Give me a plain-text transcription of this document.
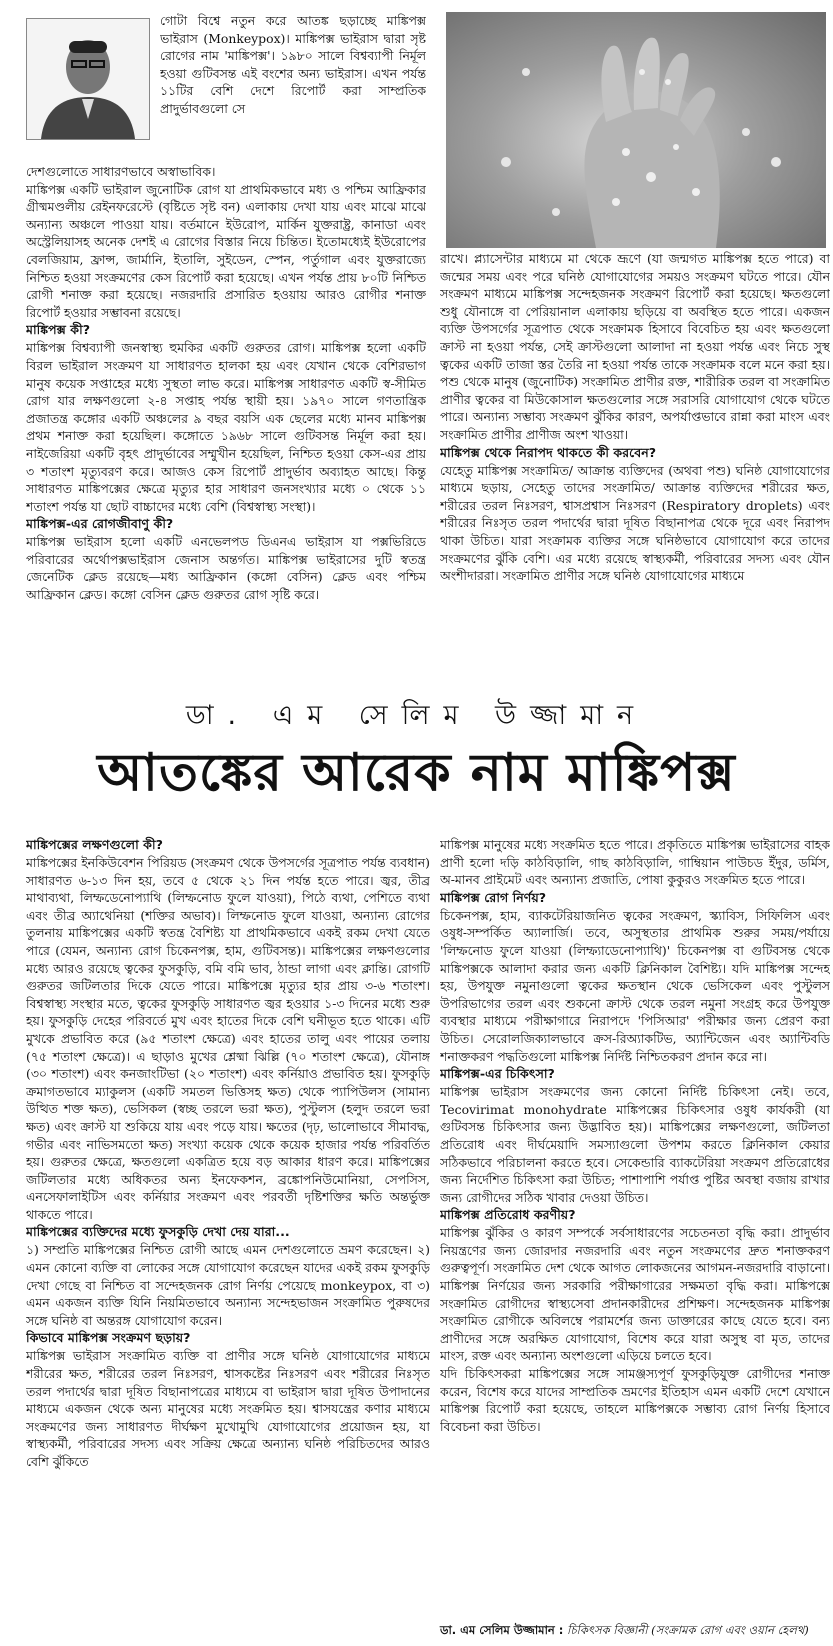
গোটা বিশ্বে নতুন করে আতঙ্ক ছড়াচ্ছে মাঙ্কিপক্স ভাইরাস (Monkeypox)। মাঙ্কিপক্স ভাইরাস দ্বারা সৃষ্ট রোগের নাম 'মাঙ্কিপক্স'। ১৯৮০ সালে বিশ্বব্যাপী নির্মূল হওয়া গুটিবসন্ত এই বংশের অন্য ভাইরাস। এখন পর্যন্ত ১১টির বেশি দেশে রিপোর্ট করা সাম্প্রতিক প্রাদুর্ভাবগুলো সে

দেশগুলোতে সাধারণভাবে অস্বাভাবিক।

মাঙ্কিপক্স একটি ভাইরাল জুনোটিক রোগ যা প্রাথমিকভাবে মধ্য ও পশ্চিম আফ্রিকার গ্রীষ্মমণ্ডলীয় রেইনফরেস্টে (বৃষ্টিতে সৃষ্ট বন) এলাকায় দেখা যায় এবং মাঝে মাঝে অন্যান্য অঞ্চলে পাওয়া যায়। বর্তমানে ইউরোপ, মার্কিন যুক্তরাষ্ট্র, কানাডা এবং অস্ট্রেলিয়াসহ অনেক দেশই এ রোগের বিস্তার নিয়ে চিন্তিত। ইতোমধ্যেই ইউরোপের বেলজিয়াম, ফ্রান্স, জার্মানি, ইতালি, সুইডেন, স্পেন, পর্তুগাল এবং যুক্তরাজ্যে নিশ্চিত হওয়া সংক্রমণের কেস রিপোর্ট করা হয়েছে। এখন পর্যন্ত প্রায় ৮০টি নিশ্চিত রোগী শনাক্ত করা হয়েছে। নজরদারি প্রসারিত হওয়ায় আরও রোগীর শনাক্ত রিপোর্ট হওয়ার সম্ভাবনা রয়েছে।

মাঙ্কিপক্স কী?

মাঙ্কিপক্স বিশ্বব্যাপী জনস্বাস্থ্য হুমকির একটি গুরুতর রোগ। মাঙ্কিপক্স হলো একটি বিরল ভাইরাল সংক্রমণ যা সাধারণত হালকা হয় এবং যেখান থেকে বেশিরভাগ মানুষ কয়েক সপ্তাহের মধ্যে সুস্থতা লাভ করে। মাঙ্কিপক্স সাধারণত একটি স্ব-সীমিত রোগ যার লক্ষণগুলো ২-৪ সপ্তাহ পর্যন্ত স্থায়ী হয়। ১৯৭০ সালে গণতান্ত্রিক প্রজাতন্ত্র কঙ্গোর একটি অঞ্চলের ৯ বছর বয়সি এক ছেলের মধ্যে মানব মাঙ্কিপক্স প্রথম শনাক্ত করা হয়েছিল। কঙ্গোতে ১৯৬৮ সালে গুটিবসন্ত নির্মূল করা হয়। নাইজেরিয়া একটি বৃহৎ প্রাদুর্ভাবের সম্মুখীন হয়েছিল, নিশ্চিত হওয়া কেস-এর প্রায় ৩ শতাংশ মৃত্যুবরণ করে। আজও কেস রিপোর্ট প্রাদুর্ভাব অব্যাহত আছে। কিন্তু সাধারণত মাঙ্কিপক্সের ক্ষেত্রে মৃত্যুর হার সাধারণ জনসংখ্যার মধ্যে ০ থেকে ১১ শতাংশ পর্যন্ত যা ছোট বাচ্চাদের মধ্যে বেশি (বিশ্বস্বাস্থ্য সংস্থা)।

মাঙ্কিপক্স-এর রোগজীবাণু কী?

মাঙ্কিপক্স ভাইরাস হলো একটি এনভেলপড ডিএনএ ভাইরাস যা পক্সভিরিডে পরিবারের অর্থোপক্সভাইরাস জেনাস অন্তর্গত। মাঙ্কিপক্স ভাইরাসের দুটি স্বতন্ত্র জেনেটিক ক্লেড রয়েছে—মধ্য আফ্রিকান (কঙ্গো বেসিন) ক্লেড এবং পশ্চিম আফ্রিকান ক্লেড। কঙ্গো বেসিন ক্লেড গুরুতর রোগ সৃষ্টি করে।

রাখে। প্ল্যাসেন্টার মাধ্যমে মা থেকে ভ্রূণে (যা জন্মগত মাঙ্কিপক্স হতে পারে) বা জন্মের সময় এবং পরে ঘনিষ্ঠ যোগাযোগের সময়ও সংক্রমণ ঘটতে পারে। যৌন সংক্রমণ মাধ্যমে মাঙ্কিপক্স সন্দেহজনক সংক্রমণ রিপোর্ট করা হয়েছে। ক্ষতগুলো শুধু যৌনাঙ্গে বা পেরিয়ানাল এলাকায় ছড়িয়ে বা অবস্থিত হতে পারে। একজন ব্যক্তি উপসর্গের সূত্রপাত থেকে সংক্রামক হিসাবে বিবেচিত হয় এবং ক্ষতগুলো ক্রাস্ট না হওয়া পর্যন্ত, সেই ক্রাস্টগুলো আলাদা না হওয়া পর্যন্ত এবং নিচে সুস্থ ত্বকের একটি তাজা স্তর তৈরি না হওয়া পর্যন্ত তাকে সংক্রামক বলে মনে করা হয়। পশু থেকে মানুষ (জুনোটিক) সংক্রামিত প্রাণীর রক্ত, শারীরিক তরল বা সংক্রামিত প্রাণীর ত্বকের বা মিউকোসাল ক্ষতগুলোর সঙ্গে সরাসরি যোগাযোগ থেকে ঘটতে পারে। অন্যান্য সম্ভাব্য সংক্রমণ ঝুঁকির কারণ, অপর্যাপ্তভাবে রান্না করা মাংস এবং সংক্রামিত প্রাণীর প্রাণীজ অংশ খাওয়া।

মাঙ্কিপক্স থেকে নিরাপদ থাকতে কী করবেন?

যেহেতু মাঙ্কিপক্স সংক্রামিত/ আক্রান্ত ব্যক্তিদের (অথবা পশু) ঘনিষ্ঠ যোগাযোগের মাধ্যমে ছড়ায়, সেহেতু তাদের সংক্রামিত/ আক্রান্ত ব্যক্তিদের শরীরের ক্ষত, শরীরের তরল নিঃসরণ, শ্বাসপ্রশ্বাস নিঃসরণ (Respiratory droplets) এবং শরীরের নিঃসৃত তরল পদার্থের দ্বারা দূষিত বিছানাপত্র থেকে দূরে এবং নিরাপদ থাকা উচিত। যারা সংক্রামক ব্যক্তির সঙ্গে ঘনিষ্ঠভাবে যোগাযোগ করে তাদের সংক্রমণের ঝুঁকি বেশি। এর মধ্যে রয়েছে স্বাস্থ্যকর্মী, পরিবারের সদস্য এবং যৌন অংশীদাররা। সংক্রামিত প্রাণীর সঙ্গে ঘনিষ্ঠ যোগাযোগের মাধ্যমে

ডা. এম সেলিম উজ্জামান
আতঙ্কের আরেক নাম মাঙ্কিপক্স
মাঙ্কিপক্সের লক্ষণগুলো কী?

মাঙ্কিপক্সের ইনকিউবেশন পিরিয়ড (সংক্রমণ থেকে উপসর্গের সূত্রপাত পর্যন্ত ব্যবধান) সাধারণত ৬-১৩ দিন হয়, তবে ৫ থেকে ২১ দিন পর্যন্ত হতে পারে। জ্বর, তীব্র মাথাব্যথা, লিম্ফডেনোপ্যাথি (লিম্ফনোড ফুলে যাওয়া), পিঠে ব্যথা, পেশিতে ব্যথা এবং তীব্র অ্যাথেনিয়া (শক্তির অভাব)। লিম্ফনোড ফুলে যাওয়া, অন্যান্য রোগের তুলনায় মাঙ্কিপক্সের একটি স্বতন্ত্র বৈশিষ্ট্য যা প্রাথমিকভাবে একই রকম দেখা যেতে পারে (যেমন, অন্যান্য রোগ চিকেনপক্স, হাম, গুটিবসন্ত)। মাঙ্কিপক্সের লক্ষণগুলোর মধ্যে আরও রয়েছে ত্বকের ফুসকুড়ি, বমি বমি ভাব, ঠান্ডা লাগা এবং ক্লান্তি। রোগটি গুরুতর জটিলতার দিকে যেতে পারে। মাঙ্কিপক্সে মৃত্যুর হার প্রায় ৩-৬ শতাংশ। বিশ্বস্বাস্থ্য সংস্থার মতে, ত্বকের ফুসকুড়ি সাধারণত জ্বর হওয়ার ১-৩ দিনের মধ্যে শুরু হয়। ফুসকুড়ি দেহের পরিবর্তে মুখ এবং হাতের দিকে বেশি ঘনীভূত হতে থাকে। এটি মুখকে প্রভাবিত করে (৯৫ শতাংশ ক্ষেত্রে) এবং হাতের তালু এবং পায়ের তলায় (৭৫ শতাংশ ক্ষেত্রে)। এ ছাড়াও মুখের শ্লেষ্মা ঝিল্লি (৭০ শতাংশ ক্ষেত্রে), যৌনাঙ্গ (৩০ শতাংশ) এবং কনজাংটিভা (২০ শতাংশ) এবং কর্নিয়াও প্রভাবিত হয়। ফুসকুড়ি ক্রমাগতভাবে ম্যাকুলস (একটি সমতল ভিত্তিসহ ক্ষত) থেকে প্যাপিউলস (সামান্য উত্থিত শক্ত ক্ষত), ভেসিকল (স্বচ্ছ তরলে ভরা ক্ষত), পুস্টুলস (হলুদ তরলে ভরা ক্ষত) এবং ক্রাস্ট যা শুকিয়ে যায় এবং পড়ে যায়। ক্ষতের (দৃঢ়, ভালোভাবে সীমাবদ্ধ, গভীর এবং নাভিসমতো ক্ষত) সংখ্যা কয়েক থেকে কয়েক হাজার পর্যন্ত পরিবর্তিত হয়। গুরুতর ক্ষেত্রে, ক্ষতগুলো একত্রিত হয়ে বড় আকার ধারণ করে। মাঙ্কিপক্সের জটিলতার মধ্যে অধিকতর অন্য ইনফেকশন, ব্রঙ্কোপনিউমোনিয়া, সেপসিস, এনসেফালাইটিস এবং কর্নিয়ার সংক্রমণ এবং পরবর্তী দৃষ্টিশক্তির ক্ষতি অন্তর্ভুক্ত থাকতে পারে।

মাঙ্কিপক্সের ব্যক্তিদের মধ্যে ফুসকুড়ি দেখা দেয় যারা...

১) সম্প্রতি মাঙ্কিপক্সের নিশ্চিত রোগী আছে এমন দেশগুলোতে ভ্রমণ করেছেন। ২) এমন কোনো ব্যক্তি বা লোকের সঙ্গে যোগাযোগ করেছেন যাদের একই রকম ফুসকুড়ি দেখা গেছে বা নিশ্চিত বা সন্দেহজনক রোগ নির্ণয় পেয়েছে monkeypox, বা ৩) এমন একজন ব্যক্তি যিনি নিয়মিতভাবে অন্যান্য সন্দেহভাজন সংক্রামিত পুরুষদের সঙ্গে ঘনিষ্ঠ বা অন্তরঙ্গ যোগাযোগ করেন।

কিভাবে মাঙ্কিপক্স সংক্রমণ ছড়ায়?

মাঙ্কিপক্স ভাইরাস সংক্রামিত ব্যক্তি বা প্রাণীর সঙ্গে ঘনিষ্ঠ যোগাযোগের মাধ্যমে শরীরের ক্ষত, শরীরের তরল নিঃসরণ, শ্বাসকষ্টের নিঃসরণ এবং শরীরের নিঃসৃত তরল পদার্থের দ্বারা দূষিত বিছানাপত্রের মাধ্যমে বা ভাইরাস দ্বারা দূষিত উপাদানের মাধ্যমে একজন থেকে অন্য মানুষের মধ্যে সংক্রমিত হয়। শ্বাসযন্ত্রের কণার মাধ্যমে সংক্রমণের জন্য সাধারণত দীর্ঘক্ষণ মুখোমুখি যোগাযোগের প্রয়োজন হয়, যা স্বাস্থ্যকর্মী, পরিবারের সদস্য এবং সক্রিয় ক্ষেত্রে অন্যান্য ঘনিষ্ঠ পরিচিতদের আরও বেশি ঝুঁকিতে

মাঙ্কিপক্স মানুষের মধ্যে সংক্রমিত হতে পারে। প্রকৃতিতে মাঙ্কিপক্স ভাইরাসের বাহক প্রাণী হলো দড়ি কাঠবিড়ালি, গাছ কাঠবিড়ালি, গাম্বিয়ান পাউচড ইঁদুর, ডর্মিস, অ-মানব প্রাইমেট এবং অন্যান্য প্রজাতি, পোষা কুকুরও সংক্রমিত হতে পারে।

মাঙ্কিপক্স রোগ নির্ণয়?

চিকেনপক্স, হাম, ব্যাকটেরিয়াজনিত ত্বকের সংক্রমণ, স্ক্যাবিস, সিফিলিস এবং ওষুধ-সম্পর্কিত অ্যালার্জি। তবে, অসুস্থতার প্রাথমিক শুরুর সময়/পর্যায়ে 'লিম্ফনোড ফুলে যাওয়া (লিম্ফ্যাডেনোপ্যাথি)' চিকেনপক্স বা গুটিবসন্ত থেকে মাঙ্কিপক্সকে আলাদা করার জন্য একটি ক্লিনিকাল বৈশিষ্ট্য। যদি মাঙ্কিপক্স সন্দেহ হয়, উপযুক্ত নমুনাগুলো ত্বকের ক্ষতস্থান থেকে ভেসিকেল এবং পুস্টুলস উপরিভাগের তরল এবং শুকনো ক্রাস্ট থেকে তরল নমুনা সংগ্রহ করে উপযুক্ত ব্যবস্থার মাধ্যমে পরীক্ষাগারে নিরাপদে 'পিসিআর' পরীক্ষার জন্য প্রেরণ করা উচিত। সেরোলজিক্যালভাবে ক্রস-রিঅ্যাকটিভ, অ্যান্টিজেন এবং অ্যান্টিবডি শনাক্তকরণ পদ্ধতিগুলো মাঙ্কিপক্স নির্দিষ্ট নিশ্চিতকরণ প্রদান করে না।

মাঙ্কিপক্স-এর চিকিৎসা?

মাঙ্কিপক্স ভাইরাস সংক্রমণের জন্য কোনো নির্দিষ্ট চিকিৎসা নেই। তবে, Tecovirimat monohydrate মাঙ্কিপক্সের চিকিৎসার ওষুধ কার্যকরী (যা গুটিবসন্ত চিকিৎসার জন্য উদ্ভাবিত হয়)। মাঙ্কিপক্সের লক্ষণগুলো, জটিলতা প্রতিরোধ এবং দীর্ঘমেয়াদি সমস্যাগুলো উপশম করতে ক্লিনিকাল কেয়ার সঠিকভাবে পরিচালনা করতে হবে। সেকেন্ডারি ব্যাকটেরিয়া সংক্রমণ প্রতিরোধের জন্য নির্দেশিত চিকিৎসা করা উচিত; পাশাপাশি পর্যাপ্ত পুষ্টির অবস্থা বজায় রাখার জন্য রোগীদের সঠিক খাবার দেওয়া উচিত।

মাঙ্কিপক্স প্রতিরোধ করণীয়?

মাঙ্কিপক্স ঝুঁকির ও কারণ সম্পর্কে সর্বসাধারণের সচেতনতা বৃদ্ধি করা। প্রাদুর্ভাব নিয়ন্ত্রণের জন্য জোরদার নজরদারি এবং নতুন সংক্রমণের দ্রুত শনাক্তকরণ গুরুত্বপূর্ণ। সংক্রামিত দেশ থেকে আগত লোকজনের আগমন-নজরদারি বাড়ানো। মাঙ্কিপক্স নির্ণয়ের জন্য সরকারি পরীক্ষাগারের সক্ষমতা বৃদ্ধি করা। মাঙ্কিপক্সে সংক্রামিত রোগীদের স্বাস্থ্যসেবা প্রদানকারীদের প্রশিক্ষণ। সন্দেহজনক মাঙ্কিপক্স সংক্রামিত রোগীকে অবিলম্বে পরামর্শের জন্য ডাক্তারের কাছে যেতে হবে। বন্য প্রাণীদের সঙ্গে অরক্ষিত যোগাযোগ, বিশেষ করে যারা অসুস্থ বা মৃত, তাদের মাংস, রক্ত এবং অন্যান্য অংশগুলো এড়িয়ে চলতে হবে।

যদি চিকিৎসকরা মাঙ্কিপক্সের সঙ্গে সামঞ্জস্যপূর্ণ ফুসকুড়িযুক্ত রোগীদের শনাক্ত করেন, বিশেষ করে যাদের সাম্প্রতিক ভ্রমণের ইতিহাস এমন একটি দেশে যেখানে মাঙ্কিপক্স রিপোর্ট করা হয়েছে, তাহলে মাঙ্কিপক্সকে সম্ভাব্য রোগ নির্ণয় হিসাবে বিবেচনা করা উচিত।

ডা. এম সেলিম উজ্জামান : চিকিৎসক বিজ্ঞানী (সংক্রামক রোগ এবং ওয়ান হেলথ)
